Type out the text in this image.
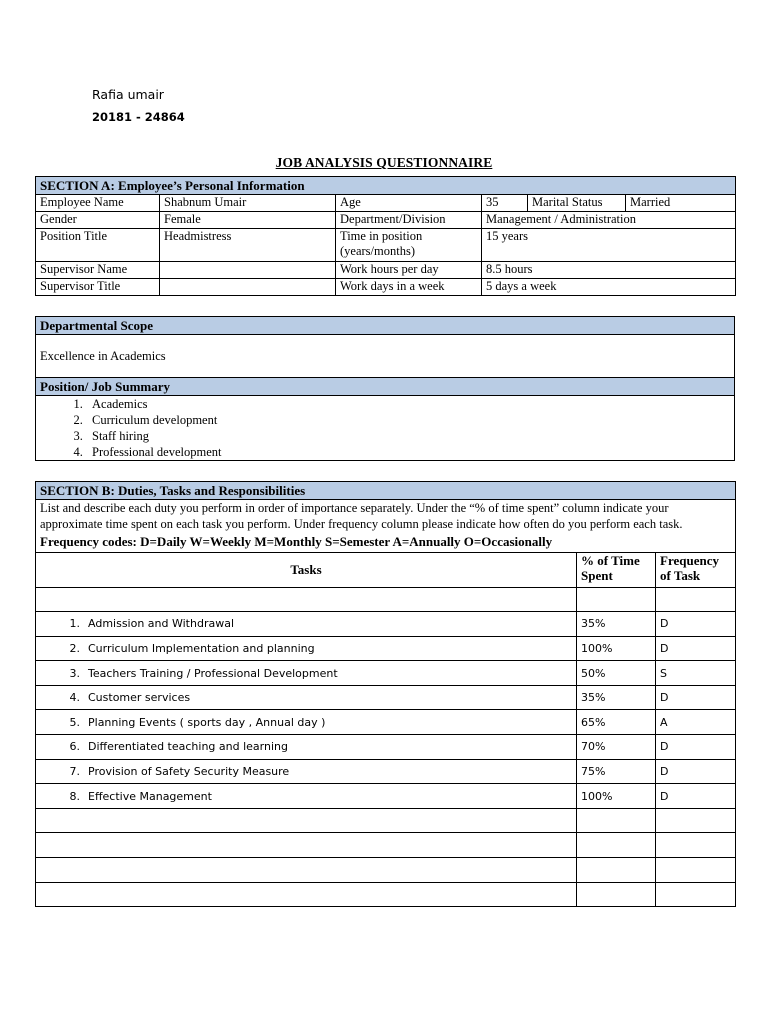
Rafia umair
20181 - 24864
JOB ANALYSIS QUESTIONNAIRE
SECTION A: Employee’s Personal Information					
Employee Name	Shabnum Umair	Age	35	Marital Status	Married
Gender	Female	Department/Division	Management / Administration		
Position Title	Headmistress	Time in position (years/months)	15 years		
Supervisor Name		Work hours per day	8.5 hours		
Supervisor Title		Work days in a week	5 days a week		
Departmental Scope
Excellence in Academics
Position/ Job Summary

1. Academics
2. Curriculum development
3. Staff hiring
4. Professional development
SECTION B: Duties, Tasks and Responsibilities		
List and describe each duty you perform in order of importance separately. Under the “% of time spent” column indicate your approximate time spent on each task you perform. Under frequency column please indicate how often do you perform each task.
Frequency codes: D=Daily W=Weekly M=Monthly S=Semester A=Annually O=Occasionally		

Tasks	% of Time Spent	Frequency of Task

1. Admission and Withdrawal	35%	D
2. Curriculum Implementation and planning	100%	D
3. Teachers Training / Professional Development	50%	S
4. Customer services	35%	D
5. Planning Events ( sports day , Annual day )	65%	A
6. Differentiated teaching and learning	70%	D
7. Provision of Safety Security Measure	75%	D
8. Effective Management	100%	D
